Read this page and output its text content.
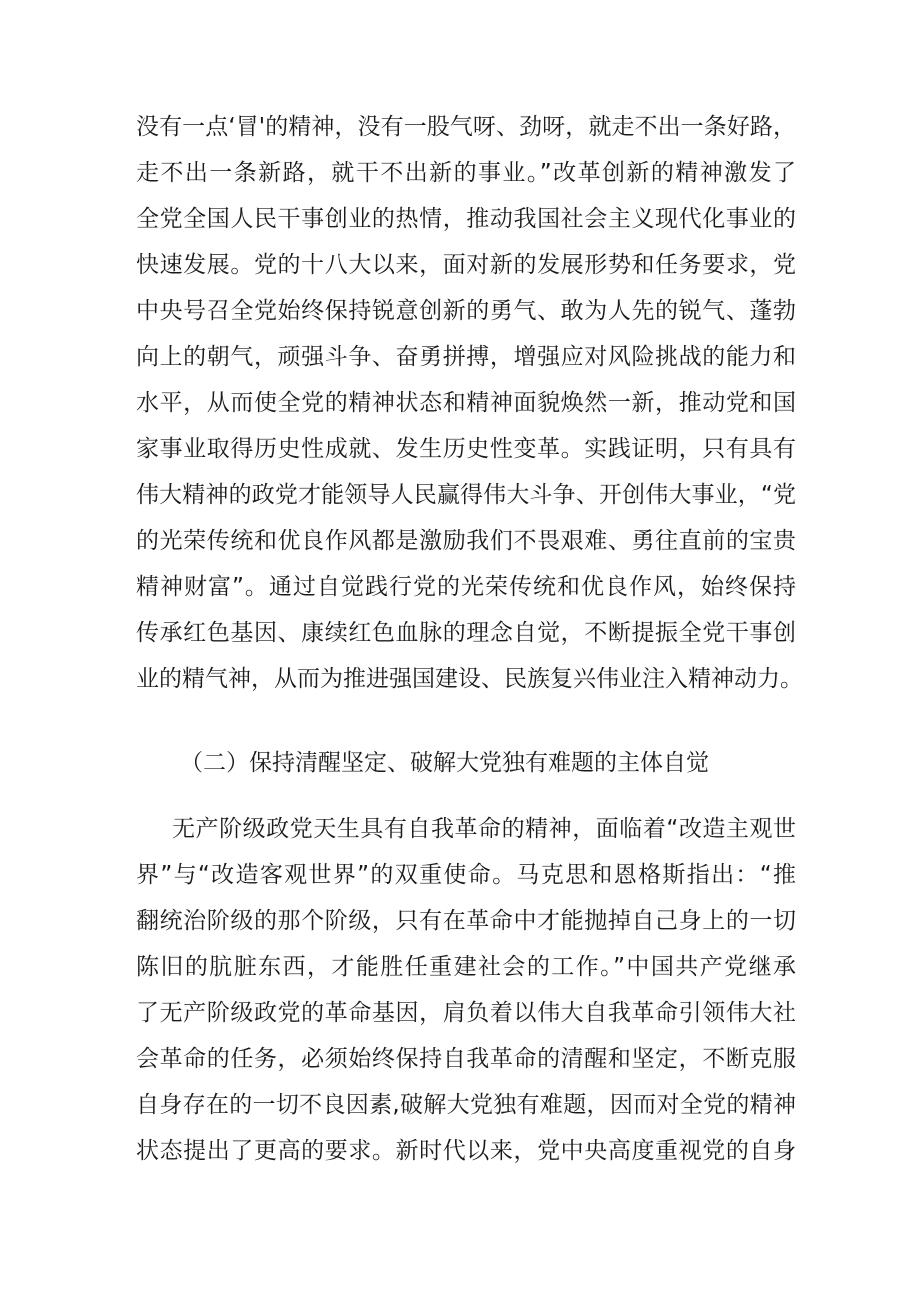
没有一点‘冒'的精神，没有一股气呀、劲呀，就走不出一条好路，
走不出一条新路，就干不出新的事业。”改革创新的精神激发了
全党全国人民干事创业的热情，推动我国社会主义现代化事业的
快速发展。党的十八大以来，面对新的发展形势和任务要求，党
中央号召全党始终保持锐意创新的勇气、敢为人先的锐气、蓬勃
向上的朝气，顽强斗争、奋勇拼搏，增强应对风险挑战的能力和
水平，从而使全党的精神状态和精神面貌焕然一新，推动党和国
家事业取得历史性成就、发生历史性变革。实践证明，只有具有
伟大精神的政党才能领导人民赢得伟大斗争、开创伟大事业，“党
的光荣传统和优良作风都是激励我们不畏艰难、勇往直前的宝贵
精神财富”。通过自觉践行党的光荣传统和优良作风，始终保持
传承红色基因、康续红色血脉的理念自觉，不断提振全党干事创
业的精气神，从而为推进强国建设、民族复兴伟业注入精神动力。
（二）保持清醒坚定、破解大党独有难题的主体自觉
无产阶级政党天生具有自我革命的精神，面临着“改造主观世
界”与“改造客观世界”的双重使命。马克思和恩格斯指出：“推
翻统治阶级的那个阶级，只有在革命中才能抛掉自己身上的一切
陈旧的肮脏东西，才能胜任重建社会的工作。”中国共产党继承
了无产阶级政党的革命基因，肩负着以伟大自我革命引领伟大社
会革命的任务，必须始终保持自我革命的清醒和坚定，不断克服
自身存在的一切不良因素,破解大党独有难题，因而对全党的精神
状态提出了更高的要求。新时代以来，党中央高度重视党的自身
